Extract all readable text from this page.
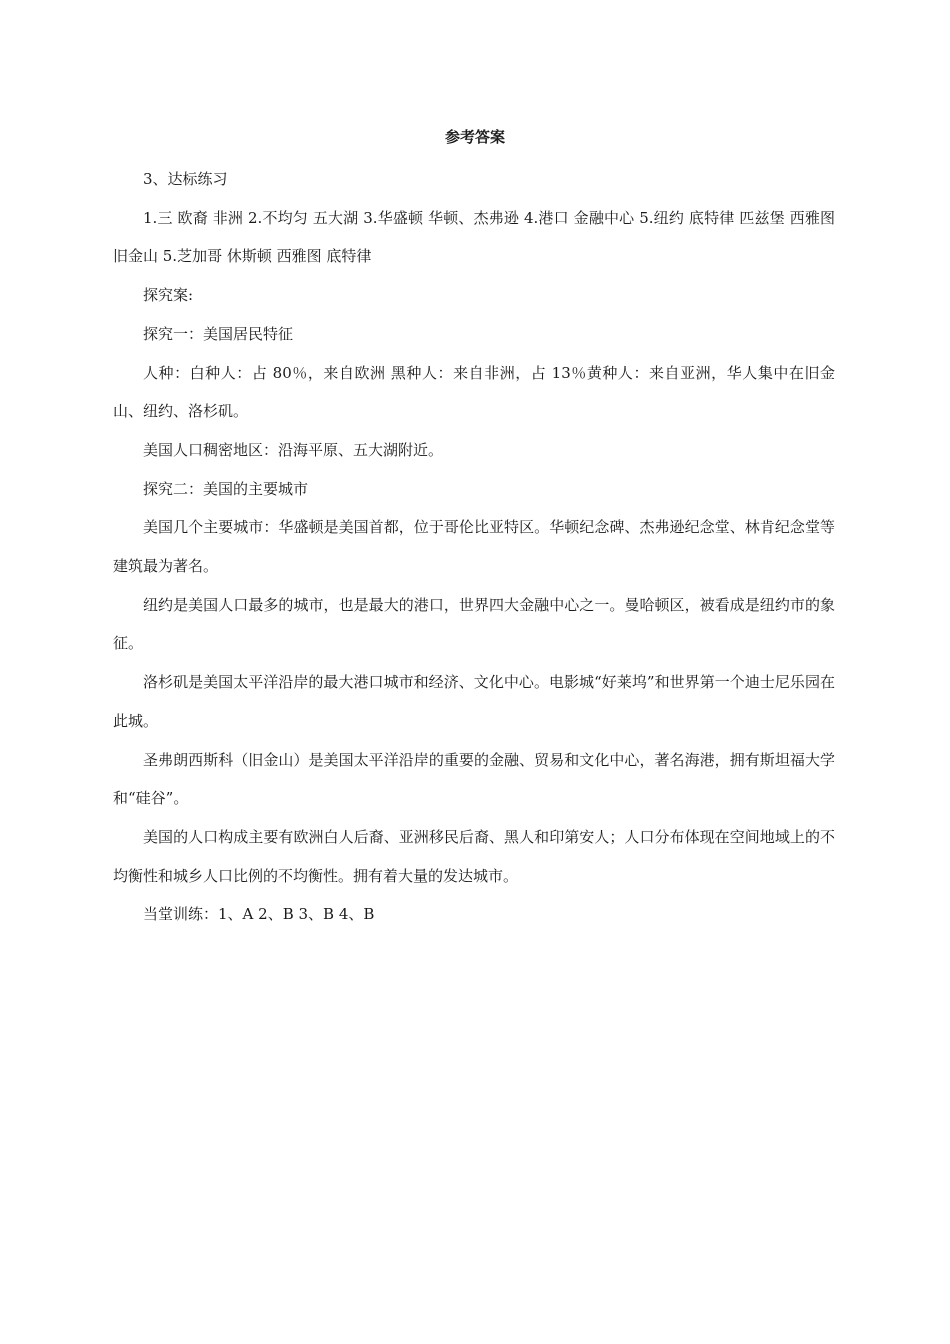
参考答案

3、达标练习

1.三 欧裔 非洲 2.不均匀 五大湖 3.华盛顿 华顿、杰弗逊 4.港口 金融中心 5.纽约 底特律 匹兹堡 西雅图 旧金山 5.芝加哥 休斯顿 西雅图 底特律

探究案:

探究一：美国居民特征

人种：白种人：占 80％，来自欧洲 黑种人：来自非洲，占 13％黄种人：来自亚洲，华人集中在旧金山、纽约、洛杉矶。

美国人口稠密地区：沿海平原、五大湖附近。

探究二：美国的主要城市

美国几个主要城市：华盛顿是美国首都，位于哥伦比亚特区。华顿纪念碑、杰弗逊纪念堂、林肯纪念堂等建筑最为著名。

纽约是美国人口最多的城市，也是最大的港口，世界四大金融中心之一。曼哈顿区，被看成是纽约市的象征。

洛杉矶是美国太平洋沿岸的最大港口城市和经济、文化中心。电影城“好莱坞”和世界第一个迪士尼乐园在此城。

圣弗朗西斯科（旧金山）是美国太平洋沿岸的重要的金融、贸易和文化中心，著名海港，拥有斯坦福大学和“硅谷”。

美国的人口构成主要有欧洲白人后裔、亚洲移民后裔、黑人和印第安人；人口分布体现在空间地域上的不均衡性和城乡人口比例的不均衡性。拥有着大量的发达城市。

当堂训练：1、A 2、B 3、B 4、B
